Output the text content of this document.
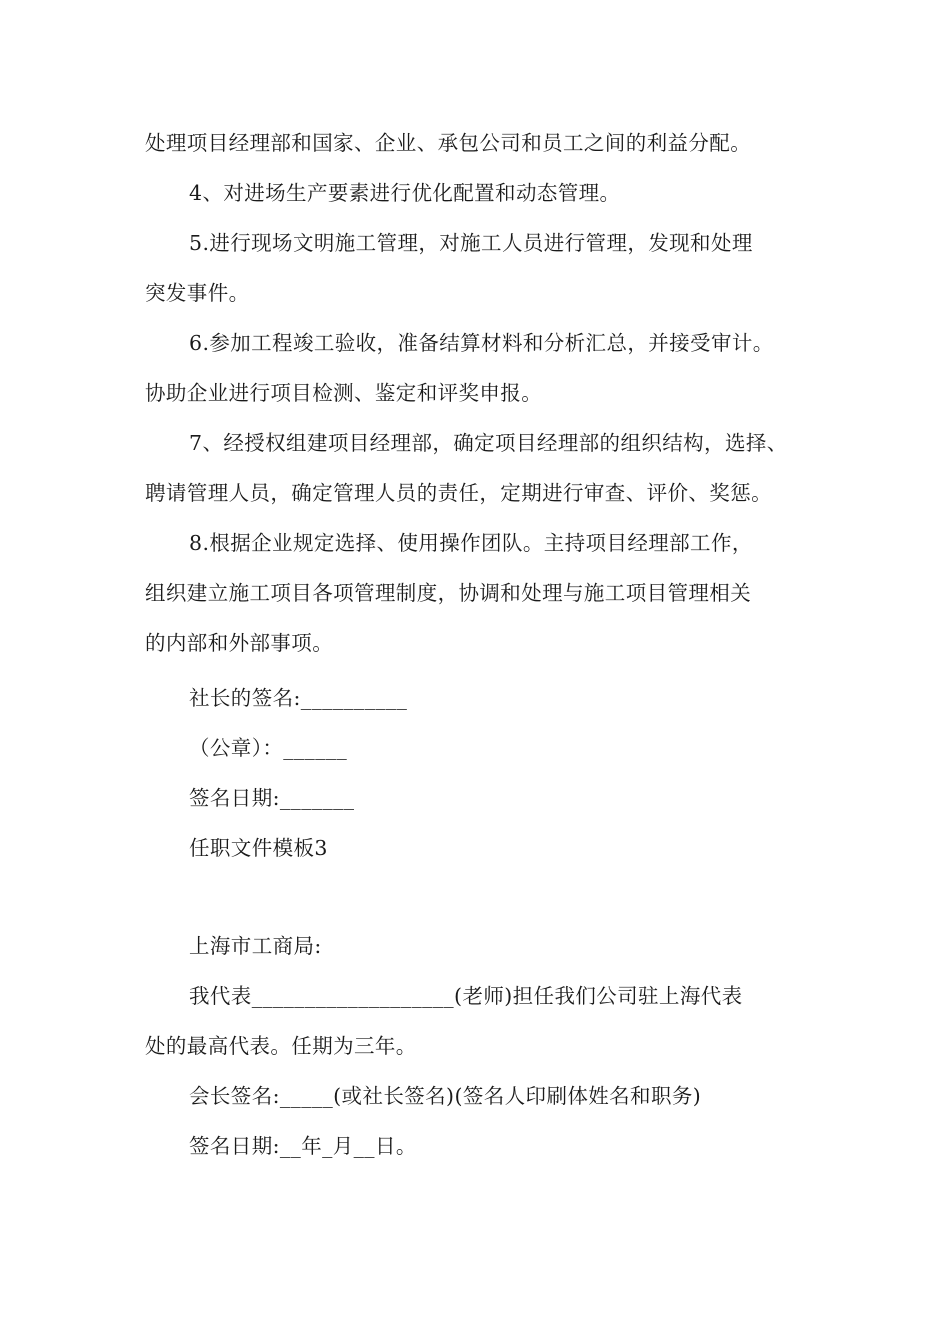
处理项目经理部和国家、企业、承包公司和员工之间的利益分配。
4、对进场生产要素进行优化配置和动态管理。
5.进行现场文明施工管理，对施工人员进行管理，发现和处理
突发事件。
6.参加工程竣工验收，准备结算材料和分析汇总，并接受审计。
协助企业进行项目检测、鉴定和评奖申报。
7、经授权组建项目经理部，确定项目经理部的组织结构，选择、
聘请管理人员，确定管理人员的责任，定期进行审查、评价、奖惩。
8.根据企业规定选择、使用操作团队。主持项目经理部工作，
组织建立施工项目各项管理制度，协调和处理与施工项目管理相关
的内部和外部事项。
社长的签名:__________
（公章）：______
签名日期:_______
任职文件模板3
上海市工商局:
我代表___________________(老师)担任我们公司驻上海代表
处的最高代表。任期为三年。
会长签名:_____(或社长签名)(签名人印刷体姓名和职务)
签名日期:__年_月__日。
